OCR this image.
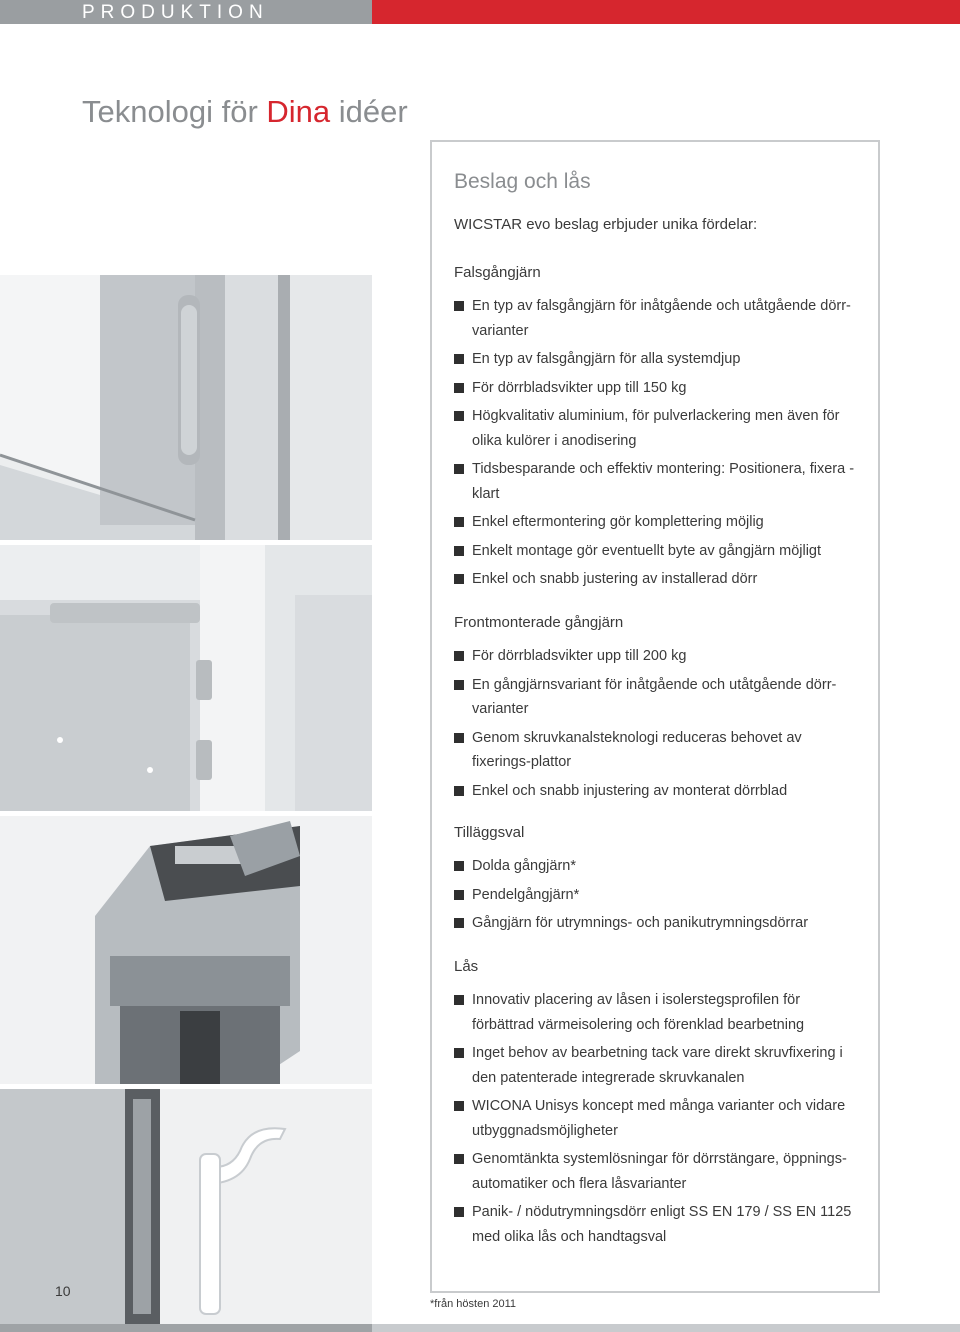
PRODUKTION
Teknologi för Dina idéer
Beslag och lås
WICSTAR evo beslag erbjuder unika fördelar:
Falsgångjärn
En typ av falsgångjärn för inåtgående och utåtgående dörr-varianter
En typ av falsgångjärn för alla systemdjup
För dörrbladsvikter upp till 150 kg
Högkvalitativ aluminium, för pulverlackering men även för olika kulörer i anodisering
Tidsbesparande och effektiv montering: Positionera, fixera - klart
Enkel eftermontering gör komplettering möjlig
Enkelt montage gör eventuellt byte av gångjärn möjligt
Enkel och snabb justering av installerad dörr
Frontmonterade gångjärn
För dörrbladsvikter upp till 200 kg
En gångjärnsvariant för inåtgående och utåtgående dörr-varianter
Genom skruvkanalsteknologi reduceras behovet av fixerings-plattor
Enkel och snabb injustering av monterat dörrblad
Tilläggsval
Dolda gångjärn*
Pendelgångjärn*
Gångjärn för utrymnings- och panikutrymningsdörrar
Lås
Innovativ placering av låsen i isolerstegsprofilen för förbättrad värmeisolering och förenklad bearbetning
Inget behov av bearbetning tack vare direkt skruvfixering i den patenterade integrerade skruvkanalen
WICONA Unisys koncept med många varianter och vidare utbyggnadsmöjligheter
Genomtänkta systemlösningar för dörrstängare, öppnings-automatiker och flera låsvarianter
Panik- / nödutrymningsdörr enligt SS EN 179 / SS EN 1125 med olika lås och handtagsval
10
*från hösten 2011
